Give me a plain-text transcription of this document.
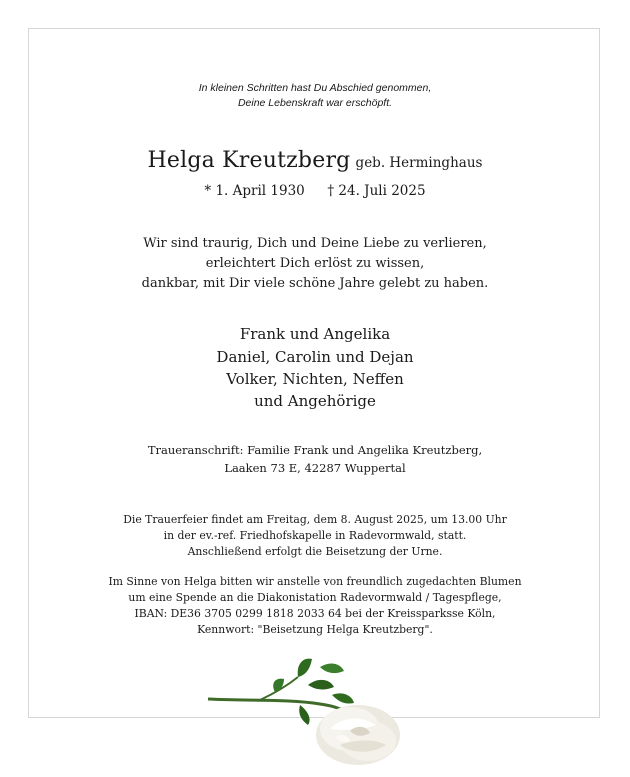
In kleinen Schritten hast Du Abschied genommen,
Deine Lebenskraft war erschöpft.
Helga Kreutzberg geb. Herminghaus
* 1. April 1930 † 24. Juli 2025
Wir sind traurig, Dich und Deine Liebe zu verlieren,
erleichtert Dich erlöst zu wissen,
dankbar, mit Dir viele schöne Jahre gelebt zu haben.
Frank und Angelika
Daniel, Carolin und Dejan
Volker, Nichten, Neffen
und Angehörige
Traueranschrift: Familie Frank und Angelika Kreutzberg,
Laaken 73 E, 42287 Wuppertal
Die Trauerfeier findet am Freitag, dem 8. August 2025, um 13.00 Uhr
in der ev.-ref. Friedhofskapelle in Radevormwald, statt.
Anschließend erfolgt die Beisetzung der Urne.
Im Sinne von Helga bitten wir anstelle von freundlich zugedachten Blumen
um eine Spende an die Diakonistation Radevormwald / Tagespflege,
IBAN: DE36 3705 0299 1818 2033 64 bei der Kreissparksse Köln,
Kennwort: "Beisetzung Helga Kreutzberg".
